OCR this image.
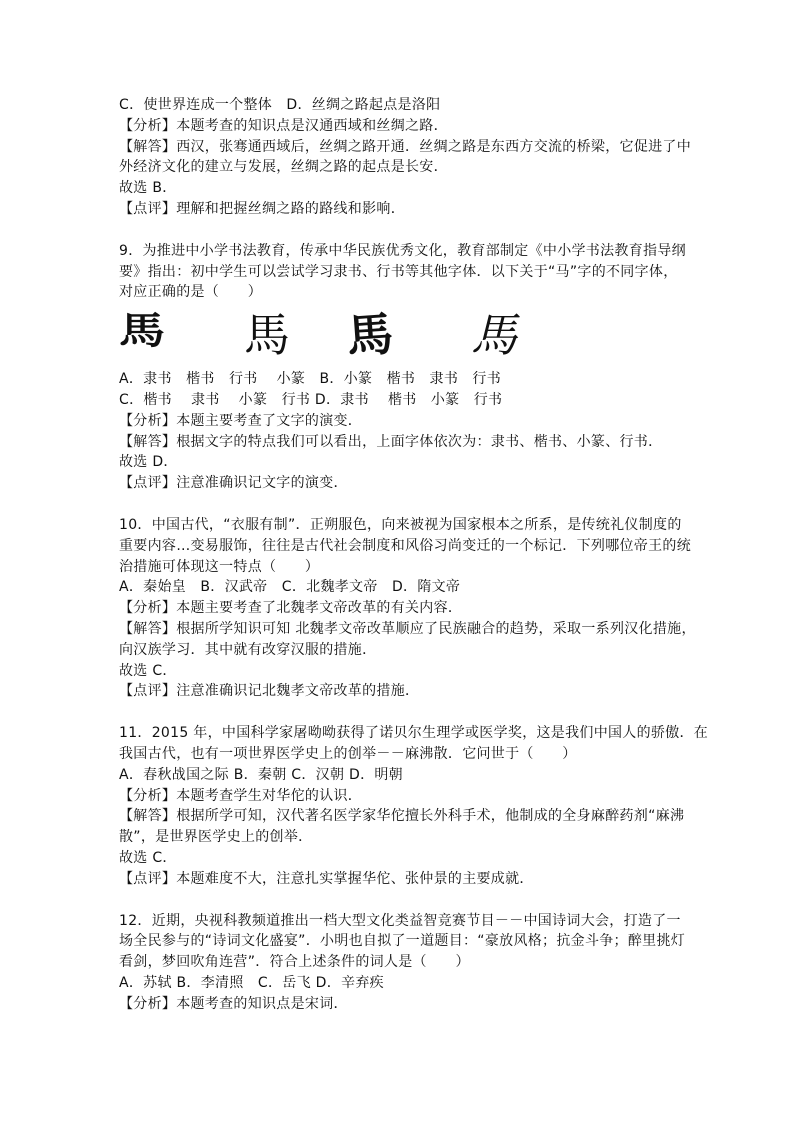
C．使世界连成一个整体　D．丝绸之路起点是洛阳
【分析】本题考查的知识点是汉通西域和丝绸之路．
【解答】西汉，张骞通西域后，丝绸之路开通．丝绸之路是东西方交流的桥梁，它促进了中
外经济文化的建立与发展，丝绸之路的起点是长安．
故选 B．
【点评】理解和把握丝绸之路的路线和影响．
9．为推进中小学书法教育，传承中华民族优秀文化，教育部制定《中小学书法教育指导纲
要》指出：初中学生可以尝试学习隶书、行书等其他字体．以下关于“马”字的不同字体，
对应正确的是（　　）
馬 馬 馬 馬
A．隶书　楷书　行书　 小篆　B．小篆　楷书　隶书　行书
C．楷书　 隶书　 小篆　行书 D．隶书　 楷书　小篆　行书
【分析】本题主要考查了文字的演变．
【解答】根据文字的特点我们可以看出，上面字体依次为：隶书、楷书、小篆、行书．
故选 D．
【点评】注意准确识记文字的演变．
10．中国古代，“衣服有制”．正朔服色，向来被视为国家根本之所系，是传统礼仪制度的
重要内容…变易服饰，往往是古代社会制度和风俗习尚变迁的一个标记．下列哪位帝王的统
治措施可体现这一特点（　　）
A．秦始皇　B．汉武帝　C．北魏孝文帝　D．隋文帝
【分析】本题主要考查了北魏孝文帝改革的有关内容．
【解答】根据所学知识可知 北魏孝文帝改革顺应了民族融合的趋势，采取一系列汉化措施，
向汉族学习．其中就有改穿汉服的措施．
故选 C．
【点评】注意准确识记北魏孝文帝改革的措施．
11．2015 年，中国科学家屠呦呦获得了诺贝尔生理学或医学奖，这是我们中国人的骄傲．在
我国古代，也有一项世界医学史上的创举－－麻沸散．它问世于（　　）
A．春秋战国之际 B．秦朝 C．汉朝 D．明朝
【分析】本题考查学生对华佗的认识．
【解答】根据所学可知，汉代著名医学家华佗擅长外科手术，他制成的全身麻醉药剂“麻沸
散”，是世界医学史上的创举．
故选 C．
【点评】本题难度不大，注意扎实掌握华佗、张仲景的主要成就．
12．近期，央视科教频道推出一档大型文化类益智竞赛节目－－中国诗词大会，打造了一
场全民参与的“诗词文化盛宴”．小明也自拟了一道题目：“豪放风格；抗金斗争；醉里挑灯
看剑，梦回吹角连营”．符合上述条件的词人是（　　）
A．苏轼 B．李清照　C．岳飞 D．辛弃疾
【分析】本题考查的知识点是宋词．
